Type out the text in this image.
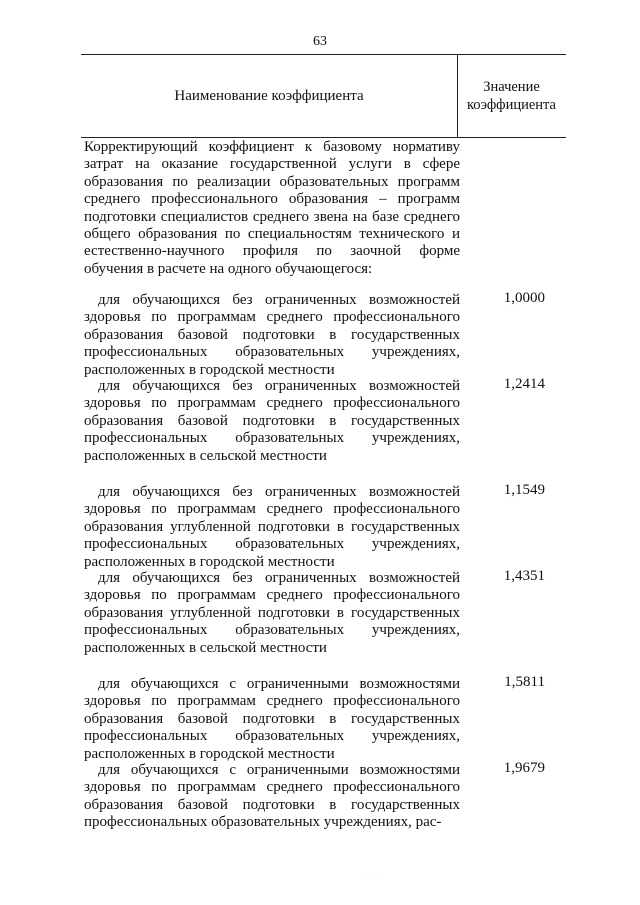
63
Наименование коэффициента
Значение
коэффициента

Корректирующий коэффициент к базовому нормативу затрат на оказание государственной услуги в сфере образования по реализации образовательных программ среднего профессионального образования – программ подготовки специалистов среднего звена на базе среднего общего образования по специальностям технического и естественно-научного профиля по заочной форме обучения в расчете на одного обучающегося:

для обучающихся без ограниченных возможностей здоровья по программам среднего профессионального образования базовой подготовки в государственных профессиональных образовательных учреждениях, расположенных в городской местности

1,0000

для обучающихся без ограниченных возможностей здоровья по программам среднего профессионального образования базовой подготовки в государственных профессиональных образовательных учреждениях, расположенных в сельской местности

1,2414

для обучающихся без ограниченных возможностей здоровья по программам среднего профессионального образования углубленной подготовки в государственных профессиональных образовательных учреждениях, расположенных в городской местности

1,1549

для обучающихся без ограниченных возможностей здоровья по программам среднего профессионального образования углубленной подготовки в государственных профессиональных образовательных учреждениях, расположенных в сельской местности

1,4351

для обучающихся с ограниченными возможностями здоровья по программам среднего профессионального образования базовой подготовки в государственных профессиональных образовательных учреждениях, расположенных в городской местности

1,5811

для обучающихся с ограниченными возможностями здоровья по программам среднего профессионального образования базовой подготовки в государственных профессиональных образовательных учреждениях, рас-

1,9679
· · ·
